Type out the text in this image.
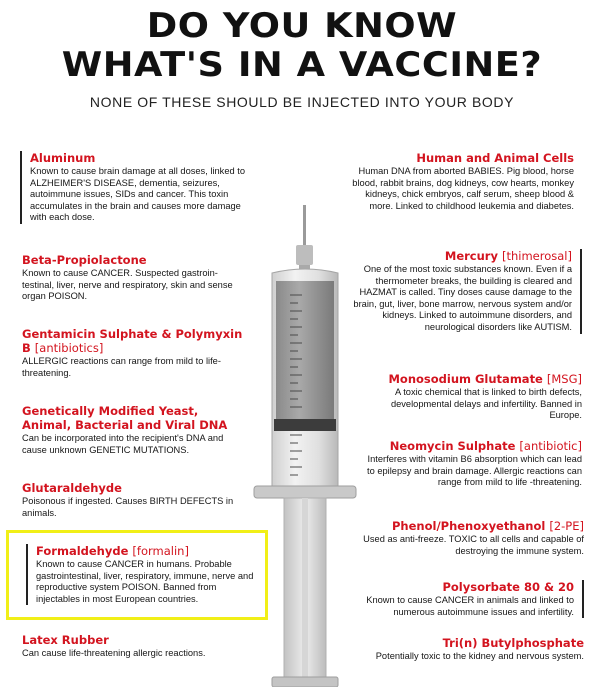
DO YOU KNOW
WHAT'S IN A VACCINE?
NONE OF THESE SHOULD BE INJECTED INTO YOUR BODY
Aluminum
Known to cause brain damage at all doses, linked to ALZHEIMER'S DISEASE, dementia, seizures, autoimmune issues, SIDs and cancer. This toxin accumulates in the brain and causes more damage with each dose.
Beta-Propiolactone
Known to cause CANCER. Suspected gastroin-testinal, liver, nerve and respiratory, skin and sense organ POISON.
Gentamicin Sulphate & Polymyxin B [antibiotics]
ALLERGIC reactions can range from mild to life-threatening.
Genetically Modified Yeast, Animal, Bacterial and Viral DNA
Can be incorporated into the recipient's DNA and cause unknown GENETIC MUTATIONS.
Glutaraldehyde
Poisonous if ingested. Causes BIRTH DEFECTS in animals.
Formaldehyde [formalin]
Known to cause CANCER in humans. Probable gastrointestinal, liver, respiratory, immune, nerve and reproductive system POISON. Banned from injectables in most European countries.
Latex Rubber
Can cause life-threatening allergic reactions.
Human and Animal Cells
Human DNA from aborted BABIES. Pig blood, horse blood, rabbit brains, dog kidneys, cow hearts, monkey kidneys, chick embryos, calf serum, sheep blood & more. Linked to childhood leukemia and diabetes.
Mercury [thimerosal]
One of the most toxic substances known. Even if a thermometer breaks, the building is cleared and HAZMAT is called. Tiny doses cause damage to the brain, gut, liver, bone marrow, nervous system and/or kidneys. Linked to autoimmune disorders, and neurological disorders like AUTISM.
Monosodium Glutamate [MSG]
A toxic chemical that is linked to birth defects, developmental delays and infertility. Banned in Europe.
Neomycin Sulphate [antibiotic]
Interferes with vitamin B6 absorption which can lead to epilepsy and brain damage. Allergic reactions can range from mild to life -threatening.
Phenol/Phenoxyethanol [2-PE]
Used as anti-freeze. TOXIC to all cells and capable of destroying the immune system.
Polysorbate 80 & 20
Known to cause CANCER in animals and linked to numerous autoimmune issues and infertility.
Tri(n) Butylphosphate
Potentially toxic to the kidney and nervous system.
